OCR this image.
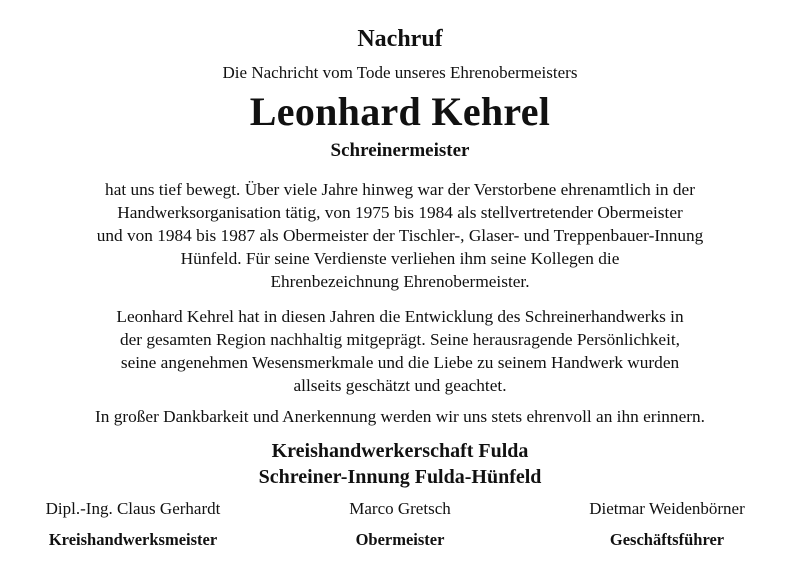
Nachruf
Die Nachricht vom Tode unseres Ehrenobermeisters
Leonhard Kehrel
Schreinermeister
hat uns tief bewegt. Über viele Jahre hinweg war der Verstorbene ehrenamtlich in der
Handwerksorganisation tätig, von 1975 bis 1984 als stellvertretender Obermeister
und von 1984 bis 1987 als Obermeister der Tischler-, Glaser- und Treppenbauer-Innung
Hünfeld. Für seine Verdienste verliehen ihm seine Kollegen die
Ehrenbezeichnung Ehrenobermeister.
Leonhard Kehrel hat in diesen Jahren die Entwicklung des Schreinerhandwerks in
der gesamten Region nachhaltig mitgeprägt. Seine herausragende Persönlichkeit,
seine angenehmen Wesensmerkmale und die Liebe zu seinem Handwerk wurden
allseits geschätzt und geachtet.
In großer Dankbarkeit und Anerkennung werden wir uns stets ehrenvoll an ihn erinnern.
Kreishandwerkerschaft Fulda
Schreiner-Innung Fulda-Hünfeld
Dipl.-Ing. Claus Gerhardt
Kreishandwerksmeister
Marco Gretsch
Obermeister
Dietmar Weidenbörner
Geschäftsführer
